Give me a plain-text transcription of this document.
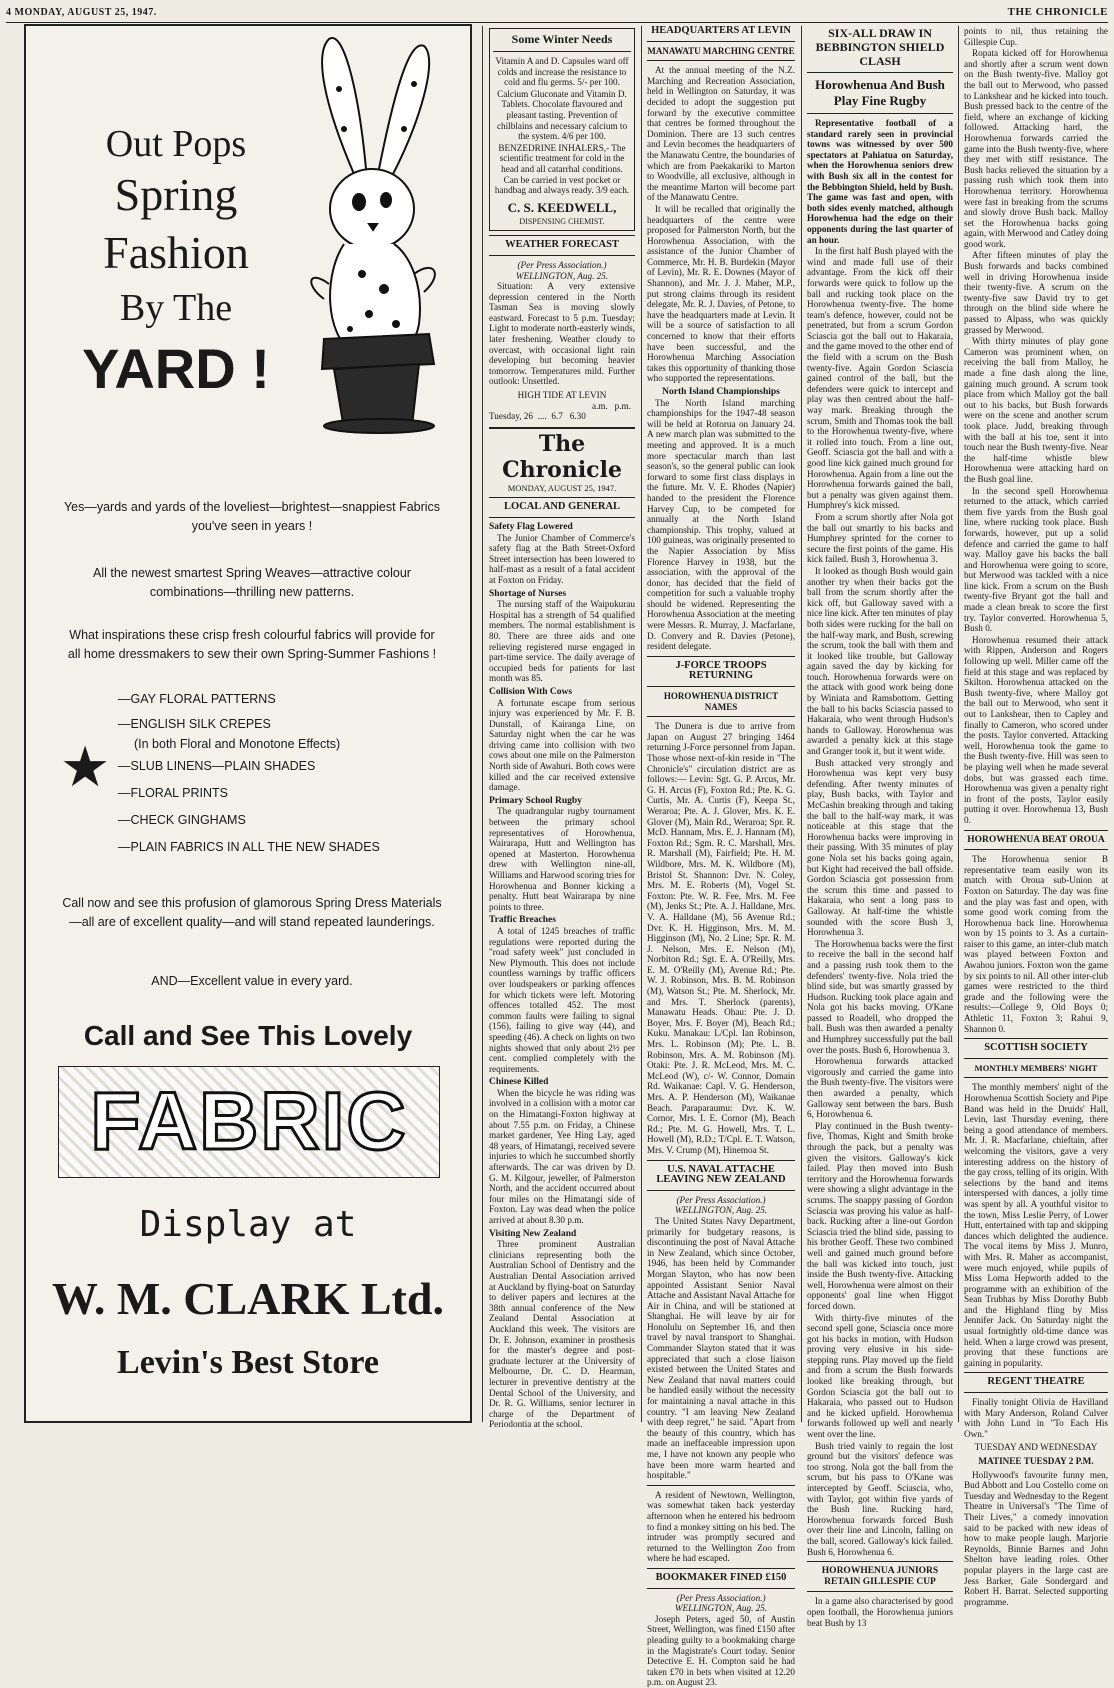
4 MONDAY, AUGUST 25, 1947.	THE CHRONICLE
Out Pops
Spring
Fashion
By The
YARD !
Yes—yards and yards of the loveliest—brightest—snappiest Fabrics you've seen in years !
All the newest smartest Spring Weaves—attractive colour combinations—thrilling new patterns.
What inspirations these crisp fresh colourful fabrics will provide for all home dressmakers to sew their own Spring-Summer Fashions !
★
—GAY FLORAL PATTERNS
—ENGLISH SILK CREPES
(In both Floral and Monotone Effects)
—SLUB LINENS—PLAIN SHADES
—FLORAL PRINTS
—CHECK GINGHAMS
—PLAIN FABRICS IN ALL THE NEW SHADES
Call now and see this profusion of glamorous Spring Dress Materials—all are of excellent quality—and will stand repeated launderings.
AND—Excellent value in every yard.
Call and See This Lovely
FABRIC
Display at
W. M. CLARK Ltd.
Levin's Best Store
Some Winter Needs

Vitamin A and D. Capsules ward off colds and increase the resistance to cold and flu germs. 5/- per 100.

Calcium Gluconate and Vitamin D. Tablets. Chocolate flavoured and pleasant tasting. Prevention of chilblains and necessary calcium to the system. 4/6 per 100.

BENZEDRINE INHALERS,- The scientific treatment for cold in the head and all catarrhal conditions. Can be carried in vest pocket or handbag and always ready. 3/9 each.

C. S. KEEDWELL,
DISPENSING CHEMIST.
WEATHER FORECAST
(Per Press Association.) WELLINGTON, Aug. 25.

Situation: A very extensive depression centered in the North Tasman Sea is moving slowly eastward. Forecast to 5 p.m. Tuesday: Light to moderate north-easterly winds, later freshening. Weather cloudy to overcast, with occasional light rain developing but becoming heavier tomorrow. Temperatures mild. Further outlook: Unsettled.

HIGH TIDE AT LEVIN
a.m. p.m.
Tuesday, 26  ....  6.7   6.30
The Chronicle
MONDAY, AUGUST 25, 1947.
LOCAL AND GENERAL
Safety Flag Lowered

The Junior Chamber of Commerce's safety flag at the Bath Street-Oxford Street intersection has been lowered to half-mast as a result of a fatal accident at Foxton on Friday.

Shortage of Nurses

The nursing staff of the Waipukurau Hospital has a strength of 54 qualified members. The normal establishment is 80. There are three aids and one relieving registered nurse engaged in part-time service. The daily average of occupied beds for patients for last month was 85.

Collision With Cows

A fortunate escape from serious injury was experienced by Mr. F. B. Dunstall, of Kairanga Line, on Saturday night when the car he was driving came into collision with two cows about one mile on the Palmerston North side of Awahuri. Both cows were killed and the car received extensive damage.

Primary School Rugby

The quadrangular rugby tournament between the primary school representatives of Horowhenua, Wairarapa, Hutt and Wellington has opened at Masterton. Horowhenua drew with Wellington nine-all, Williams and Harwood scoring tries for Horowhenua and Bonner kicking a penalty. Hutt beat Wairarapa by nine points to three.

Traffic Breaches

A total of 1245 breaches of traffic regulations were reported during the "road safety week" just concluded in New Plymouth. This does not include countless warnings by traffic officers over loudspeakers or parking offences for which tickets were left. Motoring offences totalled 452. The most common faults were failing to signal (156), failing to give way (44), and speeding (46). A check on lights on two nights showed that only about 2½ per cent. complied completely with the requirements.

Chinese Killed

When the bicycle he was riding was involved in a collision with a motor car on the Himatangi-Foxton highway at about 7.55 p.m. on Friday, a Chinese market gardener, Yee Hing Lay, aged 48 years, of Himatangi, received severe injuries to which he succumbed shortly afterwards. The car was driven by D. G. M. Kilgour, jeweller, of Palmerston North, and the accident occurred about four miles on the Himatangi side of Foxton. Lay was dead when the police arrived at about 8.30 p.m.

Visiting New Zealand

Three prominent Australian clinicians representing both the Australian School of Dentistry and the Australian Dental Association arrived at Auckland by flying-boat on Saturday to deliver papers and lectures at the 38th annual conference of the New Zealand Dental Association at Auckland this week. The visitors are Dr. E. Johnson, examiner in prosthesis for the master's degree and post-graduate lecturer at the University of Melbourne, Dr. C. D. Hearman, lecturer in preventive dentistry at the Dental School of the University, and Dr. R. G. Williams, senior lecturer in charge of the Department of Periodontia at the school.

HEADQUARTERS AT LEVIN
MANAWATU MARCHING CENTRE

At the annual meeting of the N.Z. Marching and Recreation Association, held in Wellington on Saturday, it was decided to adopt the suggestion put forward by the executive committee that centres be formed throughout the Dominion. There are 13 such centres and Levin becomes the headquarters of the Manawatu Centre, the boundaries of which are from Paekakariki to Marton to Woodville, all exclusive, although in the meantime Marton will become part of the Manawatu Centre.

It will be recalled that originally the headquarters of the centre were proposed for Palmerston North, but the Horowhenua Association, with the assistance of the Junior Chamber of Commerce, Mr. H. B. Burdekin (Mayor of Levin), Mr. R. E. Downes (Mayor of Shannon), and Mr. J. J. Maher, M.P., put strong claims through its resident delegate, Mr. R. J. Davies, of Petone, to have the headquarters made at Levin. It will be a source of satisfaction to all concerned to know that their efforts have been successful, and the Horowhenua Marching Association takes this opportunity of thanking those who supported the representations.

North Island Championships

The North Island marching championships for the 1947-48 season will be held at Rotorua on January 24. A new march plan was submitted to the meeting and approved. It is a much more spectacular march than last season's, so the general public can look forward to some first class displays in the future. Mr. V. E. Rhodes (Napier) handed to the president the Florence Harvey Cup, to be competed for annually at the North Island championship. This trophy, valued at 100 guineas, was originally presented to the Napier Association by Miss Florence Harvey in 1938, but the association, with the approval of the donor, has decided that the field of competition for such a valuable trophy should be widened. Representing the Horowhenua Association at the meeting were Messrs. R. Murray, J. Macfarlane, D. Convery and R. Davies (Petone), resident delegate.

J-FORCE TROOPS RETURNING
HOROWHENUA DISTRICT NAMES

The Dunera is due to arrive from Japan on August 27 bringing 1464 returning J-Force personnel from Japan. Those whose next-of-kin reside in "The Chronicle's" circulation district are as follows:— Levin: Sgt. G. P. Arcus, Mr. G. H. Arcus (F), Foxton Rd.; Pte. K. G. Curtis, Mr. A. Curtis (F), Keepa St., Weraroa; Pte. A. J. Glover, Mrs. K. E. Glover (M), Main Rd., Weraroa; Spr. R. McD. Hannam, Mrs. E. J. Hannam (M), Foxton Rd.; Sgm. R. C. Marshall, Mrs. R. Marshall (M), Fairfield; Pte. H. M. Wildbore, Mrs. M. K. Wildbore (M), Bristol St. Shannon: Dvr. N. Coley, Mrs. M. E. Roberts (M), Vogel St. Foxton: Pte. W. R. Fee, Mrs. M. Fee (M), Jenks St.; Pte. A. J. Halldane, Mrs. V. A. Halldane (M), 56 Avenue Rd.; Dvr. K. H. Higginson, Mrs. M. M. Higginson (M), No. 2 Line; Spr. R. M. J. Nelson, Mrs. E. Nelson (M), Norbiton Rd.; Sgt. E. A. O'Reilly, Mrs. E. M. O'Reilly (M), Avenue Rd.; Pte. W. J. Robinson, Mrs. B. M. Robinson (M), Watson St.; Pte. M. Sherlock, Mr. and Mrs. T. Sherlock (parents), Manawatu Heads. Ohau: Pte. J. D. Boyer, Mrs. F. Boyer (M), Beach Rd.; Kuku. Manakau: L/Cpl. Ian Robinson, Mrs. L. Robinson (M); Pte. L. B. Robinson, Mrs. A. M. Robinson (M). Otaki: Pte. J. R. McLeod, Mrs. M. C. McLeod (W), c/- W. Connor, Domain Rd. Waikanae: Capl. V. G. Henderson, Mrs. A. P. Henderson (M), Waikanae Beach. Paraparaumu: Dvr. K. W. Cornor, Mrs. I. E. Cornor (M), Beach Rd.; Pte. M. G. Howell, Mrs. T. L. Howell (M), R.D.; T/Cpl. E. T. Watson, Mrs. V. Crump (M), Hinemoa St.

U.S. NAVAL ATTACHE LEAVING NEW ZEALAND
(Per Press Association.) WELLINGTON, Aug. 25.

The United States Navy Department, primarily for budgetary reasons, is discontinuing the post of Naval Attache in New Zealand, which since October, 1946, has been held by Commander Morgan Slayton, who has now been appointed Assistant Senior Naval Attache and Assistant Naval Attache for Air in China, and will be stationed at Shanghai. He will leave by air for Honolulu on September 16, and then travel by naval transport to Shanghai. Commander Slayton stated that it was appreciated that such a close liaison existed between the United States and New Zealand that naval matters could be handled easily without the necessity for maintaining a naval attache in this country. "I am leaving New Zealand with deep regret," he said. "Apart from the beauty of this country, which has made an ineffaceable impression upon me, I have not known any people who have been more warm hearted and hospitable."

A resident of Newtown, Wellington, was somewhat taken back yesterday afternoon when he entered his bedroom to find a monkey sitting on his bed. The intruder was promptly secured and returned to the Wellington Zoo from where he had escaped.

BOOKMAKER FINED £150
(Per Press Association.) WELLINGTON, Aug. 25.

Joseph Peters, aged 50, of Austin Street, Wellington, was fined £150 after pleading guilty to a bookmaking charge in the Magistrate's Court today. Senior Detective E. H. Compton said he had taken £70 in bets when visited at 12.20 p.m. on August 23.

SIX-ALL DRAW IN BEBBINGTON SHIELD CLASH
Horowhenua And Bush Play Fine Rugby

Representative football of a standard rarely seen in provincial towns was witnessed by over 500 spectators at Pahiatua on Saturday, when the Horowhenua seniors drew with Bush six all in the contest for the Bebbington Shield, held by Bush. The game was fast and open, with both sides evenly matched, although Horowhenua had the edge on their opponents during the last quarter of an hour.

In the first half Bush played with the wind and made full use of their advantage. From the kick off their forwards were quick to follow up the ball and rucking took place on the Horowhenua twenty-five. The home team's defence, however, could not be penetrated, but from a scrum Gordon Sciascia got the ball out to Hakaraia, and the game moved to the other end of the field with a scrum on the Bush twenty-five. Again Gordon Sciascia gained control of the ball, but the defenders were quick to intercept and play was then centred about the half-way mark. Breaking through the scrum, Smith and Thomas took the ball to the Horowhenua twenty-five, where it rolled into touch. From a line out, Geoff. Sciascia got the ball and with a good line kick gained much ground for Horowhenua. Again from a line out the Horowhenua forwards gained the ball, but a penalty was given against them. Humphrey's kick missed.

From a scrum shortly after Nola got the ball out smartly to his backs and Humphrey sprinted for the corner to secure the first points of the game. His kick failed. Bush 3, Horowhenua 3.

It looked as though Bush would gain another try when their backs got the ball from the scrum shortly after the kick off, but Galloway saved with a nice line kick. After ten minutes of play both sides were rucking for the ball on the half-way mark, and Bush, screwing the scrum, took the ball with them and it looked like trouble, but Galloway again saved the day by kicking for touch. Horowhenua forwards were on the attack with good work being done by Winiata and Ramsbottom. Getting the ball to his backs Sciascia passed to Hakaraia, who went through Hudson's hands to Galloway. Horowhenua was awarded a penalty kick at this stage and Granger took it, but it went wide.

Bush attacked very strongly and Horowhenua was kept very busy defending. After twenty minutes of play, Bush backs, with Taylor and McCashin breaking through and taking the ball to the half-way mark, it was noticeable at this stage that the Horowhenua backs were improving in their passing. With 35 minutes of play gone Nola set his backs going again, but Kight had received the ball offside. Gordon Sciascia got possession from the scrum this time and passed to Hakaraia, who sent a long pass to Galloway. At half-time the whistle sounded with the score Bush 3, Horowhenua 3.

The Horowhenua backs were the first to receive the ball in the second half and a passing rush took them to the defenders' twenty-five. Nola tried the blind side, but was smartly grassed by Hudson. Rucking took place again and Nola got his backs moving. O'Kane passed to Roadell, who dropped the ball. Bush was then awarded a penalty and Humphrey successfully put the ball over the posts. Bush 6, Horowhenua 3.

Horowhenua forwards attacked vigorously and carried the game into the Bush twenty-five. The visitors were then awarded a penalty, which Galloway sent between the bars. Bush 6, Horowhenua 6.

Play continued in the Bush twenty-five, Thomas, Kight and Smith broke through the pack, but a penalty was given the visitors. Galloway's kick failed. Play then moved into Bush territory and the Horowhenua forwards were showing a slight advantage in the scrums. The snappy passing of Gordon Sciascia was proving his value as half-back. Rucking after a line-out Gordon Sciascia tried the blind side, passing to his brother Geoff. These two combined well and gained much ground before the ball was kicked into touch, just inside the Bush twenty-five. Attacking well, Horowhenua were almost on their opponents' goal line when Higgot forced down.

With thirty-five minutes of the second spell gone, Sciascia once more got his backs in motion, with Hudson proving very elusive in his side-stepping runs. Play moved up the field and from a scrum the Bush forwards looked like breaking through, but Gordon Sciascia got the ball out to Hakaraia, who passed out to Hudson and he kicked upfield. Horowhenua forwards followed up well and nearly went over the line.

Bush tried vainly to regain the lost ground but the visitors' defence was too strong. Nola got the ball from the scrum, but his pass to O'Kane was intercepted by Geoff. Sciascia, who, with Taylor, got within five yards of the Bush line. Rucking hard, Horowhenua forwards forced Bush over their line and Lincoln, falling on the ball, scored. Galloway's kick failed. Bush 6, Horowhenua 6.

HOROWHENUA JUNIORS RETAIN GILLESPIE CUP

In a game also characterised by good open football, the Horowhenua juniors beat Bush by 13

points to nil, thus retaining the Gillespie Cup.

Ropata kicked off for Horowhenua and shortly after a scrum went down on the Bush twenty-five. Malloy got the ball out to Merwood, who passed to Lankshear and he kicked into touch. Bush pressed back to the centre of the field, where an exchange of kicking followed. Attacking hard, the Horowhenua forwards carried the game into the Bush twenty-five, where they met with stiff resistance. The Bush backs relieved the situation by a passing rush which took them into Horowhenua territory. Horowhenua were fast in breaking from the scrums and slowly drove Bush back. Malloy set the Horowhenua backs going again, with Merwood and Catley doing good work.

After fifteen minutes of play the Bush forwards and backs combined well in driving Horowhenua inside their twenty-five. A scrum on the twenty-five saw David try to get through on the blind side where he passed to Alpass, who was quickly grassed by Merwood.

With thirty minutes of play gone Cameron was prominent when, on receiving the ball from Malloy, he made a fine dash along the line, gaining much ground. A scrum took place from which Malloy got the ball out to his backs, but Bush forwards were on the scene and another scrum took place. Judd, breaking through with the ball at his toe, sent it into touch near the Bush twenty-five. Near the half-time whistle blew Horowhenua were attacking hard on the Bush goal line.

In the second spell Horowhenua returned to the attack, which carried them five yards from the Bush goal line, where rucking took place. Bush forwards, however, put up a solid defence and carried the game to half way. Malloy gave his backs the ball and Horowhenua were going to score, but Merwood was tackled with a nice line kick. From a scrum on the Bush twenty-five Bryant got the ball and made a clean break to score the first try. Taylor converted. Horowhenua 5, Bush 0.

Horowhenua resumed their attack with Rippen, Anderson and Rogers following up well. Miller came off the field at this stage and was replaced by Skilton. Horowhenua attacked on the Bush twenty-five, where Malloy got the ball out to Merwood, who sent it out to Lankshear, then to Capley and finally to Cameron, who scored under the posts. Taylor converted. Attacking well, Horowhenua took the game to the Bush twenty-five. Hill was seen to be playing well when he made several dobs, but was grassed each time. Horowhenua was given a penalty right in front of the posts, Taylor easily putting it over. Horowhenua 13, Bush 0.

HOROWHENUA BEAT OROUA

The Horowhenua senior B representative team easily won its match with Oroua sub-Union at Foxton on Saturday. The day was fine and the play was fast and open, with some good work coming from the Horowhenua back line. Horowhenua won by 15 points to 3. As a curtain-raiser to this game, an inter-club match was played between Foxton and Awahou juniors. Foxton won the game by six points to nil. All other inter-club games were restricted to the third grade and the following were the results:—College 9, Old Boys 0; Athletic 11, Foxton 3; Rahui 9, Shannon 0.

SCOTTISH SOCIETY
MONTHLY MEMBERS' NIGHT

The monthly members' night of the Horowhenua Scottish Society and Pipe Band was held in the Druids' Hall, Levin, last Thursday evening, there being a good attendance of members. Mr. J. R. Macfarlane, chieftain, after welcoming the visitors, gave a very interesting address on the history of the gay cross, telling of its origin. With selections by the band and items interspersed with dances, a jolly time was spent by all. A youthful visitor to the town, Miss Leslie Perry, of Lower Hutt, entertained with tap and skipping dances which delighted the audience. The vocal items by Miss J. Munro, with Mrs. R. Maher as accompanist, were much enjoyed, while pupils of Miss Loma Hepworth added to the programme with an exhibition of the Sean Trubhas by Miss Dorothy Bubb and the Highland fling by Miss Jennifer Jack. On Saturday night the usual fortnightly old-time dance was held. When a large crowd was present, proving that these functions are gaining in popularity.

REGENT THEATRE

Finally tonight Olivia de Havilland with Mary Anderson, Roland Culver with John Lund in "To Each His Own."

TUESDAY AND WEDNESDAY
MATINEE TUESDAY 2 P.M.

Hollywood's favourite funny men, Bud Abbott and Lou Costello come on Tuesday and Wednesday to the Regent Theatre in Universal's "The Time of Their Lives," a comedy innovation said to be packed with new ideas of how to make people laugh. Marjorie Reynolds, Binnie Barnes and John Shelton have leading roles. Other popular players in the large cast are Jess Barker, Gale Sondergard and Robert H. Barrat. Selected supporting programme.
